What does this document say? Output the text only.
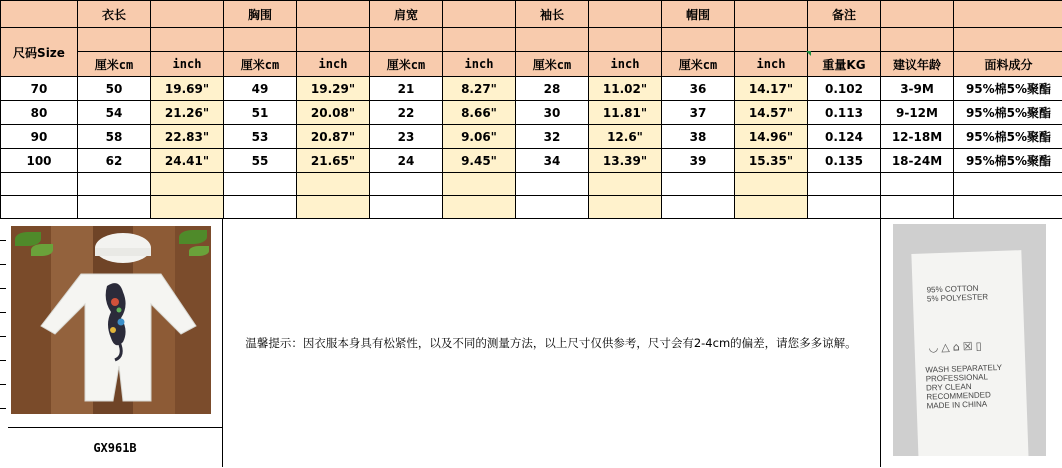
	衣长		胸围		肩宽		袖长		帽围		备注		
尺码Size													
	厘米cm	inch	厘米cm	inch	厘米cm	inch	厘米cm	inch	厘米cm	inch	重量KG	建议年龄	面料成分
70	50	19.69"	49	19.29"	21	8.27"	28	11.02"	36	14.17"	0.102	3-9M	95%棉5%聚酯
80	54	21.26"	51	20.08"	22	8.66"	30	11.81"	37	14.57"	0.113	9-12M	95%棉5%聚酯
90	58	22.83"	53	20.87"	23	9.06"	32	12.6"	38	14.96"	0.124	12-18M	95%棉5%聚酯
100	62	24.41"	55	21.65"	24	9.45"	34	13.39"	39	15.35"	0.135	18-24M	95%棉5%聚酯

GX961B
温馨提示：因衣服本身具有松紧性，以及不同的测量方法，以上尺寸仅供参考，尺寸会有2-4cm的偏差，请您多多谅解。
95% COTTON
5% POLYESTER
◡△⌂☒▯
WASH SEPARATELY
PROFESSIONAL
DRY CLEAN
RECOMMENDED
MADE IN CHINA
